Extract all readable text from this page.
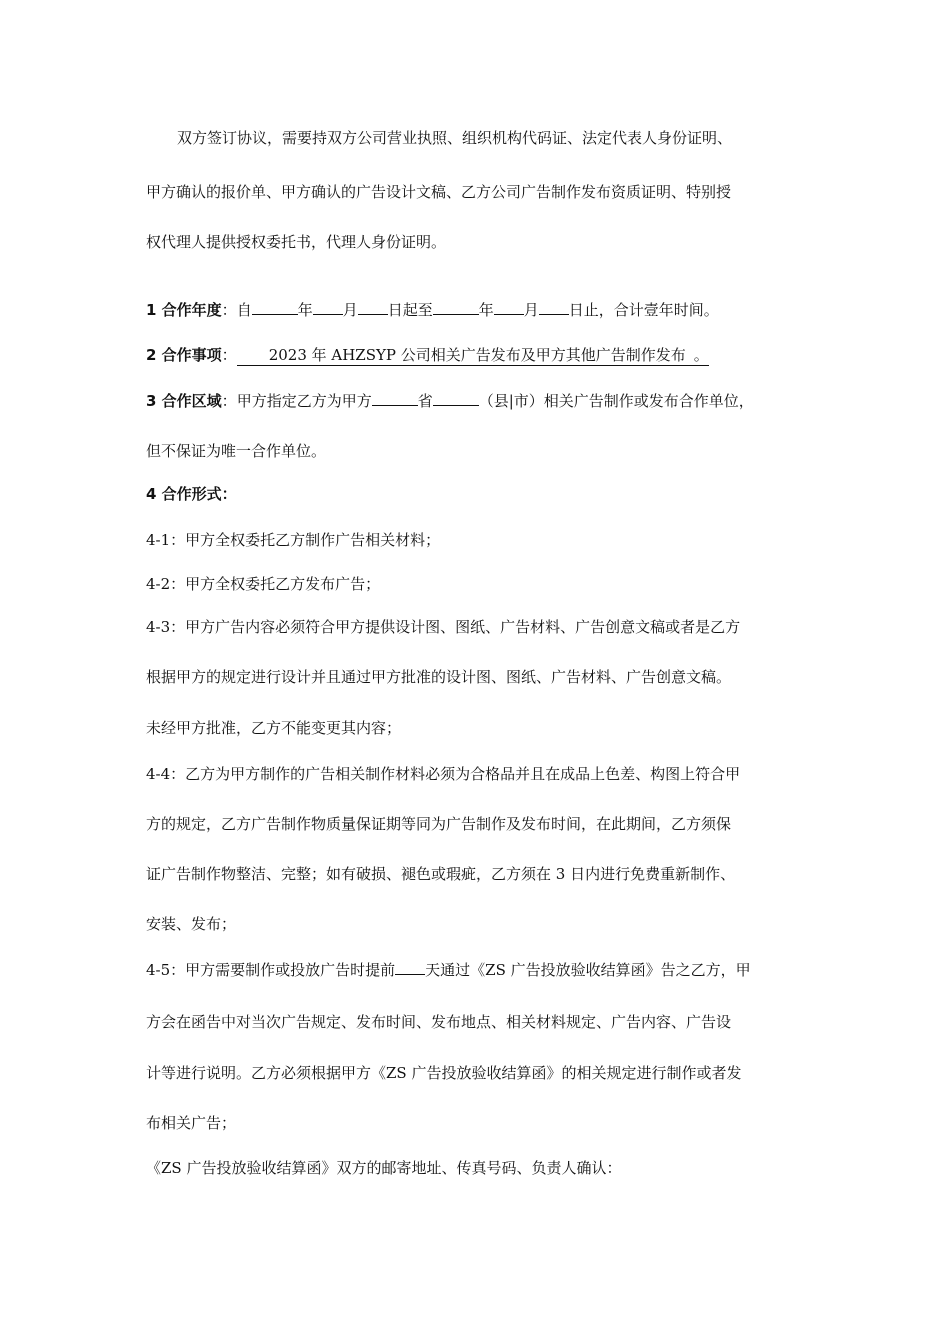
双方签订协议，需要持双方公司营业执照、组织机构代码证、法定代表人身份证明、
甲方确认的报价单、甲方确认的广告设计文稿、乙方公司广告制作发布资质证明、特别授
权代理人提供授权委托书，代理人身份证明。
1 合作年度：自	年 月 日起至	年 月 日止，合计壹年时间。
2 合作事项： 2023 年 AHZSYP 公司相关广告发布及甲方其他广告制作发布 。
3 合作区域：甲方指定乙方为甲方	省	（县|市）相关广告制作或发布合作单位，
但不保证为唯一合作单位。
4 合作形式：
4-1：甲方全权委托乙方制作广告相关材料；
4-2：甲方全权委托乙方发布广告；
4-3：甲方广告内容必须符合甲方提供设计图、图纸、广告材料、广告创意文稿或者是乙方
根据甲方的规定进行设计并且通过甲方批准的设计图、图纸、广告材料、广告创意文稿。
未经甲方批准，乙方不能变更其内容；
4-4：乙方为甲方制作的广告相关制作材料必须为合格品并且在成品上色差、构图上符合甲
方的规定，乙方广告制作物质量保证期等同为广告制作及发布时间，在此期间，乙方须保
证广告制作物整洁、完整；如有破损、褪色或瑕疵，乙方须在 3 日内进行免费重新制作、
安装、发布；
4-5：甲方需要制作或投放广告时提前 天通过《ZS 广告投放验收结算函》告之乙方，甲
方会在函告中对当次广告规定、发布时间、发布地点、相关材料规定、广告内容、广告设
计等进行说明。乙方必须根据甲方《ZS 广告投放验收结算函》的相关规定进行制作或者发
布相关广告；
《ZS 广告投放验收结算函》双方的邮寄地址、传真号码、负责人确认：
